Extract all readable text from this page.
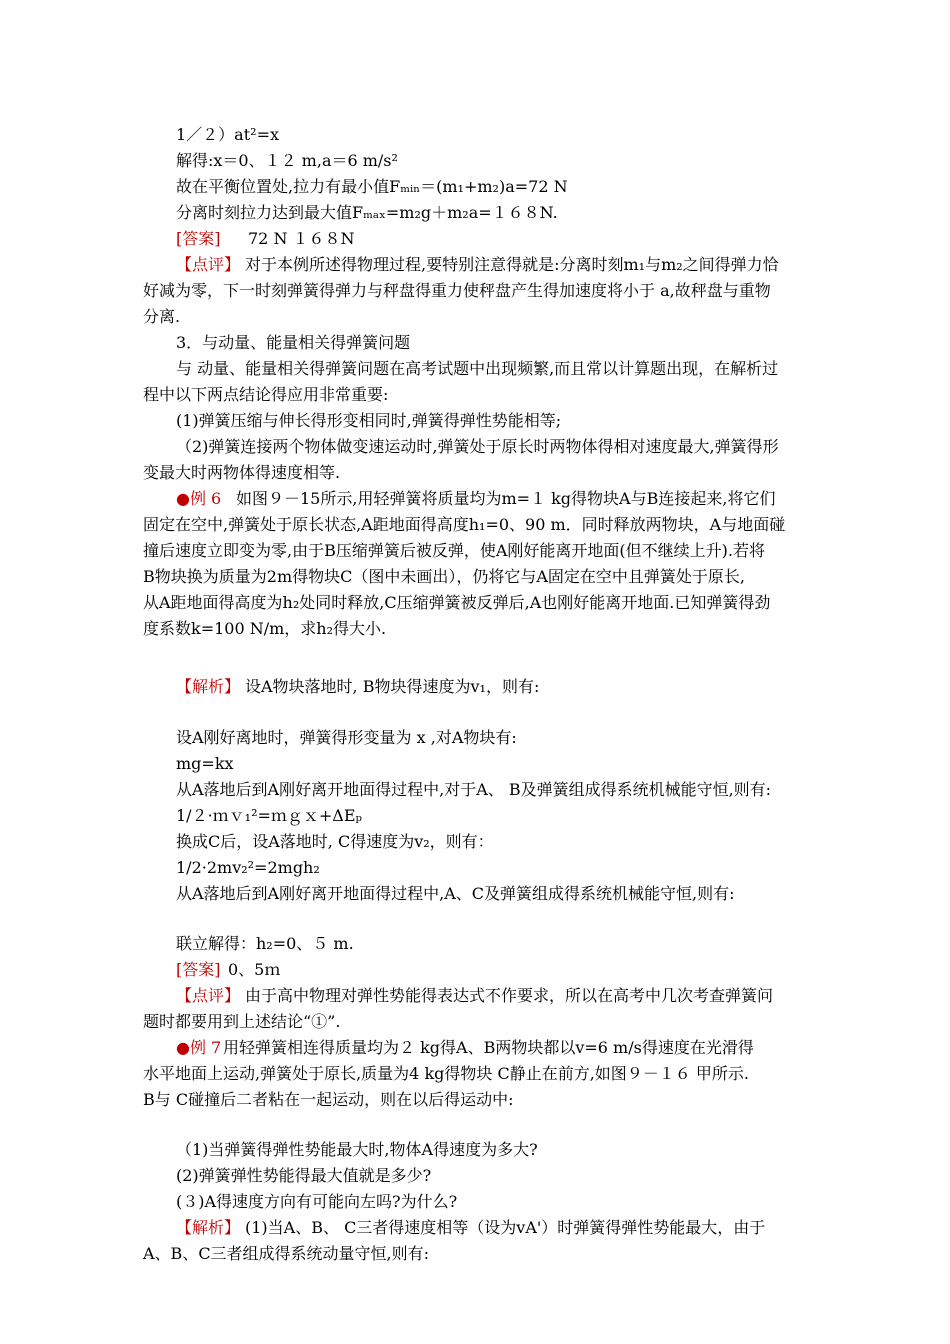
1／２）at²=x
解得:x＝0、１２ m,a＝6 m/s²
故在平衡位置处,拉力有最小值Fₘᵢₙ＝(m₁+m₂)a=72 N
分离时刻拉力达到最大值Fₘₐₓ=m₂g＋m₂a=１６８N.
[答案] 72 N １６８N
【点评】 对于本例所述得物理过程,要特别注意得就是:分离时刻m₁与m₂之间得弹力恰
好减为零，下一时刻弹簧得弹力与秤盘得重力使秤盘产生得加速度将小于 a,故秤盘与重物
分离.
3．与动量、能量相关得弹簧问题
与 动量、能量相关得弹簧问题在高考试题中出现频繁,而且常以计算题出现，在解析过
程中以下两点结论得应用非常重要:
(1)弹簧压缩与伸长得形变相同时,弹簧得弹性势能相等;
（2)弹簧连接两个物体做变速运动时,弹簧处于原长时两物体得相对速度最大,弹簧得形
变最大时两物体得速度相等.
●例 6 如图９－15所示,用轻弹簧将质量均为m=１ kg得物块A与B连接起来,将它们
固定在空中,弹簧处于原长状态,A距地面得高度h₁=0、90 m．同时释放两物块，A与地面碰
撞后速度立即变为零,由于B压缩弹簧后被反弹，使A刚好能离开地面(但不继续上升).若将
B物块换为质量为2m得物块C（图中未画出），仍将它与A固定在空中且弹簧处于原长,
从A距地面得高度为h₂处同时释放,C压缩弹簧被反弹后,A也刚好能离开地面.已知弹簧得劲
度系数k=100 N/m，求h₂得大小.
【解析】 设A物块落地时, B物块得速度为v₁，则有:
设A刚好离地时，弹簧得形变量为 x ,对A物块有:
mg=kx
从A落地后到A刚好离开地面得过程中,对于A、 B及弹簧组成得系统机械能守恒,则有:
1/２·ｍｖ₁²=ｍｇｘ+ΔEₚ
换成C后，设A落地时, C得速度为v₂，则有：
1/2·2mv₂²=2mgh₂
从A落地后到A刚好离开地面得过程中,A、C及弹簧组成得系统机械能守恒,则有:
联立解得：h₂=0、５ m.
[答案] 0、5ｍ
【点评】 由于高中物理对弹性势能得表达式不作要求，所以在高考中几次考查弹簧问
题时都要用到上述结论“①”.
●例 7 用轻弹簧相连得质量均为２ kg得A、B两物块都以v=6 m/s得速度在光滑得
水平地面上运动,弹簧处于原长,质量为4 kg得物块 C静止在前方,如图９－１６ 甲所示.
B与 C碰撞后二者粘在一起运动，则在以后得运动中:
（1)当弹簧得弹性势能最大时,物体A得速度为多大?
(2)弹簧弹性势能得最大值就是多少?
(３)A得速度方向有可能向左吗?为什么?
【解析】 (1)当A、B、 C三者得速度相等（设为vA'）时弹簧得弹性势能最大，由于
A、B、C三者组成得系统动量守恒,则有:
